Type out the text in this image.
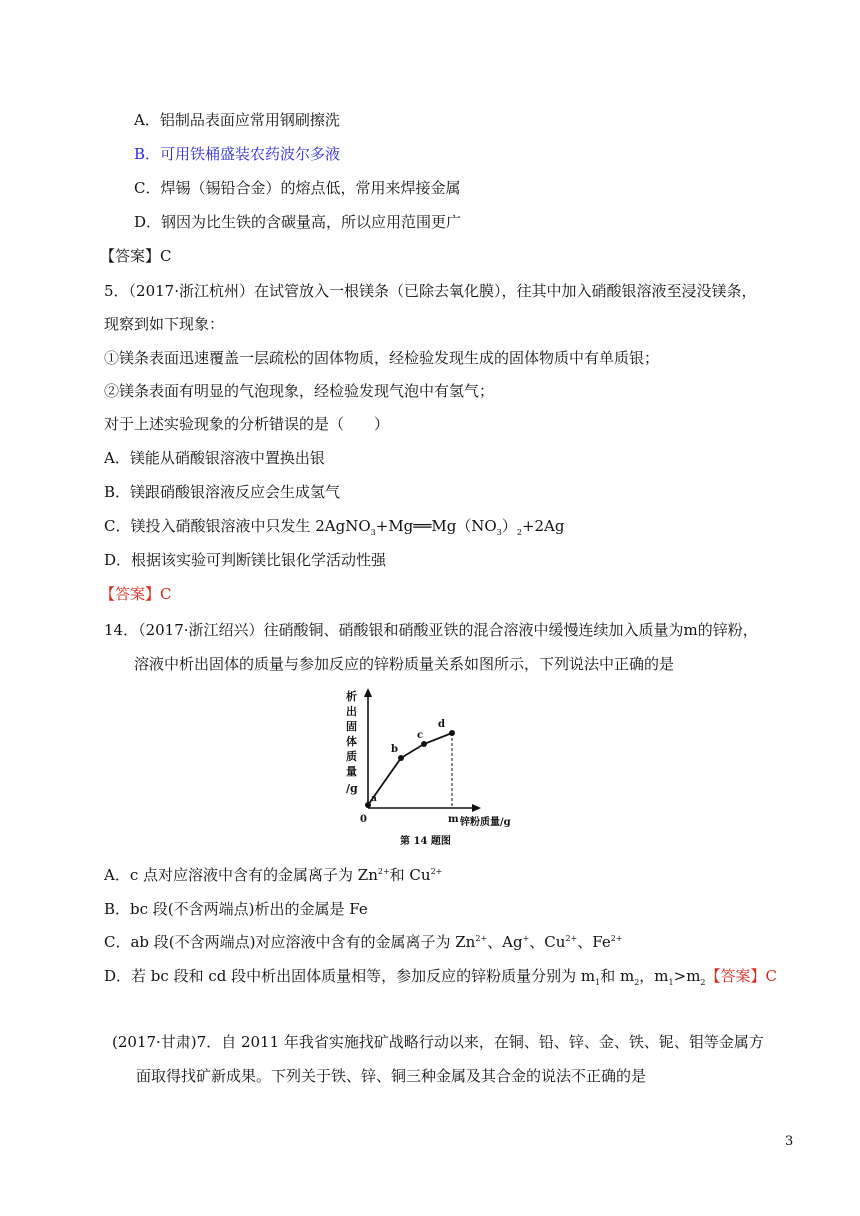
A．铝制品表面应常用钢刷擦洗
B．可用铁桶盛装农药波尔多液
C．焊锡（锡铅合金）的熔点低，常用来焊接金属
D．钢因为比生铁的含碳量高，所以应用范围更广
【答案】C
5．（2017·浙江杭州）在试管放入一根镁条（已除去氧化膜），往其中加入硝酸银溶液至浸没镁条，
现察到如下现象：
①镁条表面迅速覆盖一层疏松的固体物质，经检验发现生成的固体物质中有单质银；
②镁条表面有明显的气泡现象，经检验发现气泡中有氢气；
对于上述实验现象的分析错误的是（　　）
A．镁能从硝酸银溶液中置换出银
B．镁跟硝酸银溶液反应会生成氢气
C．镁投入硝酸银溶液中只发生 $2AgNO_3+Mg══Mg(NO_3)_2+2Ag$
D．根据该实验可判断镁比银化学活动性强
【答案】C
14．（2017·浙江绍兴）往硝酸铜、硝酸银和硝酸亚铁的混合溶液中缓慢连续加入质量为m的锌粉，
溶液中析出固体的质量与参加反应的锌粉质量关系如图所示，下列说法中正确的是
析 出 固 体 质 量 /g
0
a
b
c
d
m 锌粉质量/g
第 14 题图
A．c 点对应溶液中含有的金属离子为 $Zn^{2+}$和 $Cu^{2+}$
B．bc 段(不含两端点)析出的金属是 Fe
C．ab 段(不含两端点)对应溶液中含有的金属离子为 $Zn^{2+}$、Ag+、$Cu^{2+}$、$Fe^{2+}$
D．若 bc 段和 cd 段中析出固体质量相等，参加反应的锌粉质量分别为 $m_1$和 $m_2$，$m_1>m_2$【答案】C
(2017·甘肃)7．自 2011 年我省实施找矿战略行动以来，在铜、铅、锌、金、铁、铌、钼等金属方
面取得找矿新成果。下列关于铁、锌、铜三种金属及其合金的说法不正确的是
3
